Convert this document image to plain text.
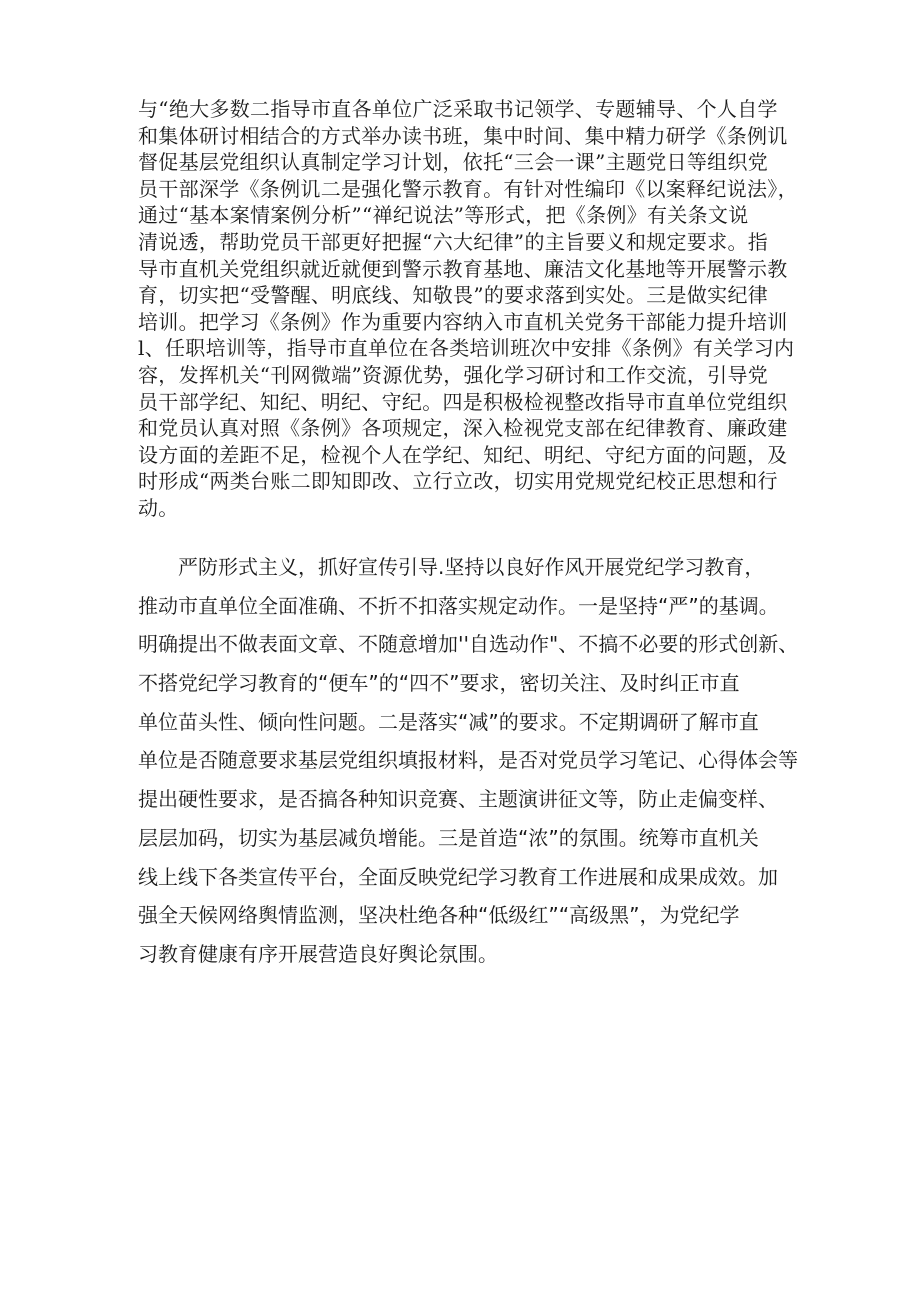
与“绝大多数二指导市直各单位广泛采取书记领学、专题辅导、个人自学
和集体研讨相结合的方式举办读书班，集中时间、集中精力研学《条例讥
督促基层党组织认真制定学习计划，依托“三会一课”主题党日等组织党
员干部深学《条例讥二是强化警示教育。有针对性编印《以案释纪说法》，
通过“基本案情案例分析”“禅纪说法”等形式，把《条例》有关条文说
清说透，帮助党员干部更好把握“六大纪律”的主旨要义和规定要求。指
导市直机关党组织就近就便到警示教育基地、廉洁文化基地等开展警示教
育，切实把“受警醒、明底线、知敬畏”的要求落到实处。三是做实纪律
培训。把学习《条例》作为重要内容纳入市直机关党务干部能力提升培训
l、任职培训等，指导市直单位在各类培训班次中安排《条例》有关学习内
容，发挥机关“刊网微端”资源优势，强化学习研讨和工作交流，引导党
员干部学纪、知纪、明纪、守纪。四是积极检视整改指导市直单位党组织
和党员认真对照《条例》各项规定，深入检视党支部在纪律教育、廉政建
设方面的差距不足，检视个人在学纪、知纪、明纪、守纪方面的问题，及
时形成“两类台账二即知即改、立行立改，切实用党规党纪校正思想和行
动。
严防形式主义，抓好宣传引导.坚持以良好作风开展党纪学习教育，
推动市直单位全面准确、不折不扣落实规定动作。一是坚持“严”的基调。
明确提出不做表面文章、不随意增加''自选动作"、不搞不必要的形式创新、
不搭党纪学习教育的“便车”的“四不”要求，密切关注、及时纠正市直
单位苗头性、倾向性问题。二是落实“减”的要求。不定期调研了解市直
单位是否随意要求基层党组织填报材料，是否对党员学习笔记、心得体会等
提出硬性要求，是否搞各种知识竞赛、主题演讲征文等，防止走偏变样、
层层加码，切实为基层减负增能。三是首造“浓”的氛围。统筹市直机关
线上线下各类宣传平台，全面反映党纪学习教育工作进展和成果成效。加
强全天候网络舆情监测，坚决杜绝各种“低级红”“高级黑”，为党纪学
习教育健康有序开展营造良好舆论氛围。
